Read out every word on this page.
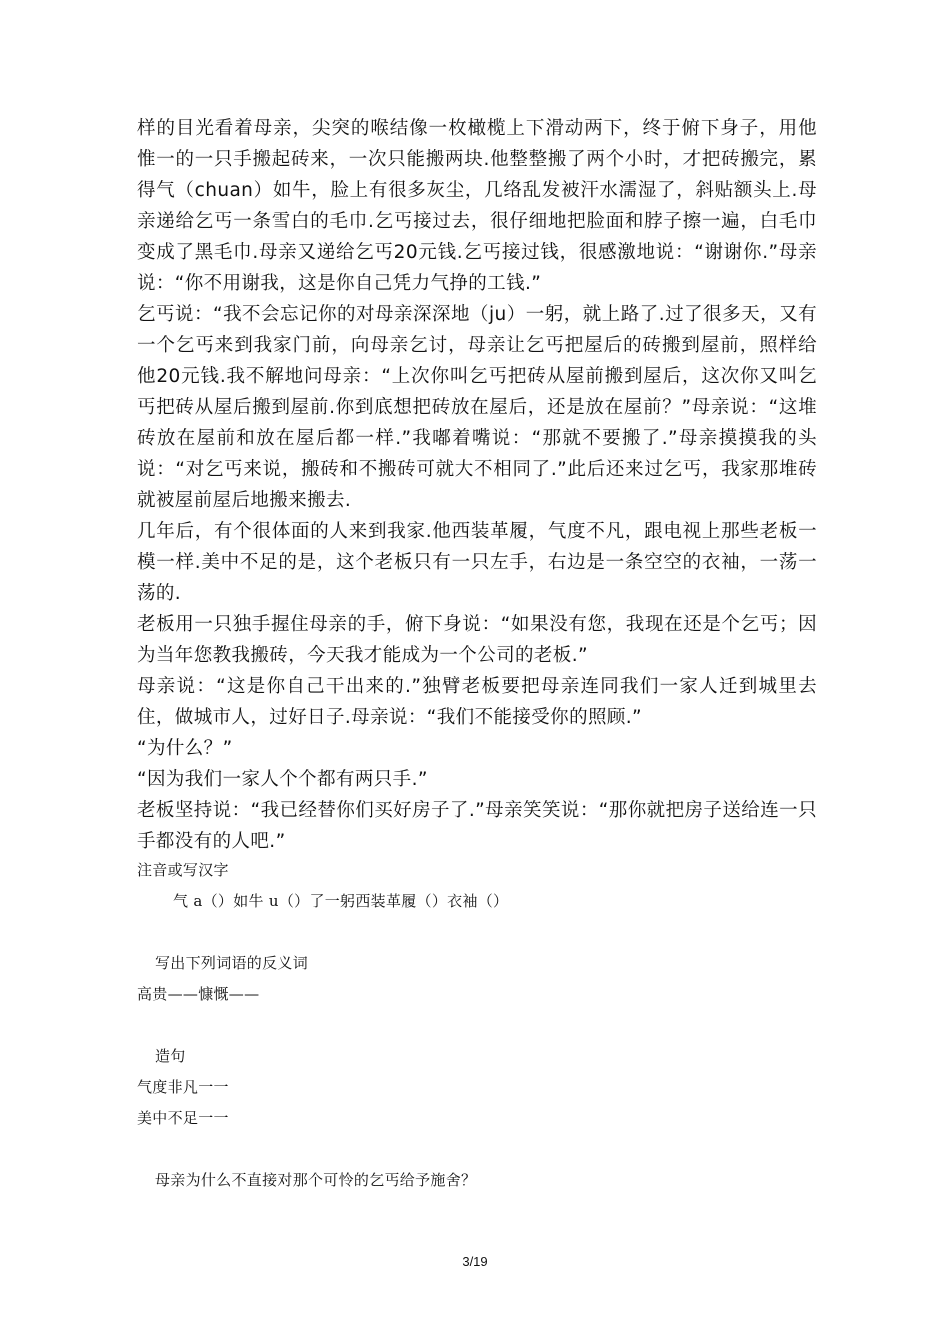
样的目光看着母亲，尖突的喉结像一枚橄榄上下滑动两下，终于俯下身子，用他惟一的一只手搬起砖来，一次只能搬两块.他整整搬了两个小时，才把砖搬完，累得气（chuan）如牛，脸上有很多灰尘，几络乱发被汗水濡湿了，斜贴额头上.母亲递给乞丐一条雪白的毛巾.乞丐接过去，很仔细地把脸面和脖子擦一遍，白毛巾变成了黑毛巾.母亲又递给乞丐20元钱.乞丐接过钱，很感激地说：“谢谢你.”母亲说：“你不用谢我，这是你自己凭力气挣的工钱.”

乞丐说：“我不会忘记你的对母亲深深地（ju）一躬，就上路了.过了很多天，又有一个乞丐来到我家门前，向母亲乞讨，母亲让乞丐把屋后的砖搬到屋前，照样给他20元钱.我不解地问母亲：“上次你叫乞丐把砖从屋前搬到屋后，这次你又叫乞丐把砖从屋后搬到屋前.你到底想把砖放在屋后，还是放在屋前？”母亲说：“这堆砖放在屋前和放在屋后都一样.”我嘟着嘴说：“那就不要搬了.”母亲摸摸我的头说：“对乞丐来说，搬砖和不搬砖可就大不相同了.”此后还来过乞丐，我家那堆砖就被屋前屋后地搬来搬去.

几年后，有个很体面的人来到我家.他西装革履，气度不凡，跟电视上那些老板一模一样.美中不足的是，这个老板只有一只左手，右边是一条空空的衣袖，一荡一荡的.

老板用一只独手握住母亲的手，俯下身说：“如果没有您，我现在还是个乞丐；因为当年您教我搬砖，今天我才能成为一个公司的老板.”

母亲说：“这是你自己干出来的.”独臂老板要把母亲连同我们一家人迁到城里去住，做城市人，过好日子.母亲说：“我们不能接受你的照顾.”

“为什么？”

“因为我们一家人个个都有两只手.”

老板坚持说：“我已经替你们买好房子了.”母亲笑笑说：“那你就把房子送给连一只手都没有的人吧.”

注音或写汉字

气 a（）如牛 u（）了一躬西装革履（）衣袖（）

写出下列词语的反义词

高贵——慷慨——

造句

气度非凡一一

美中不足一一

母亲为什么不直接对那个可怜的乞丐给予施舍？

3/19
